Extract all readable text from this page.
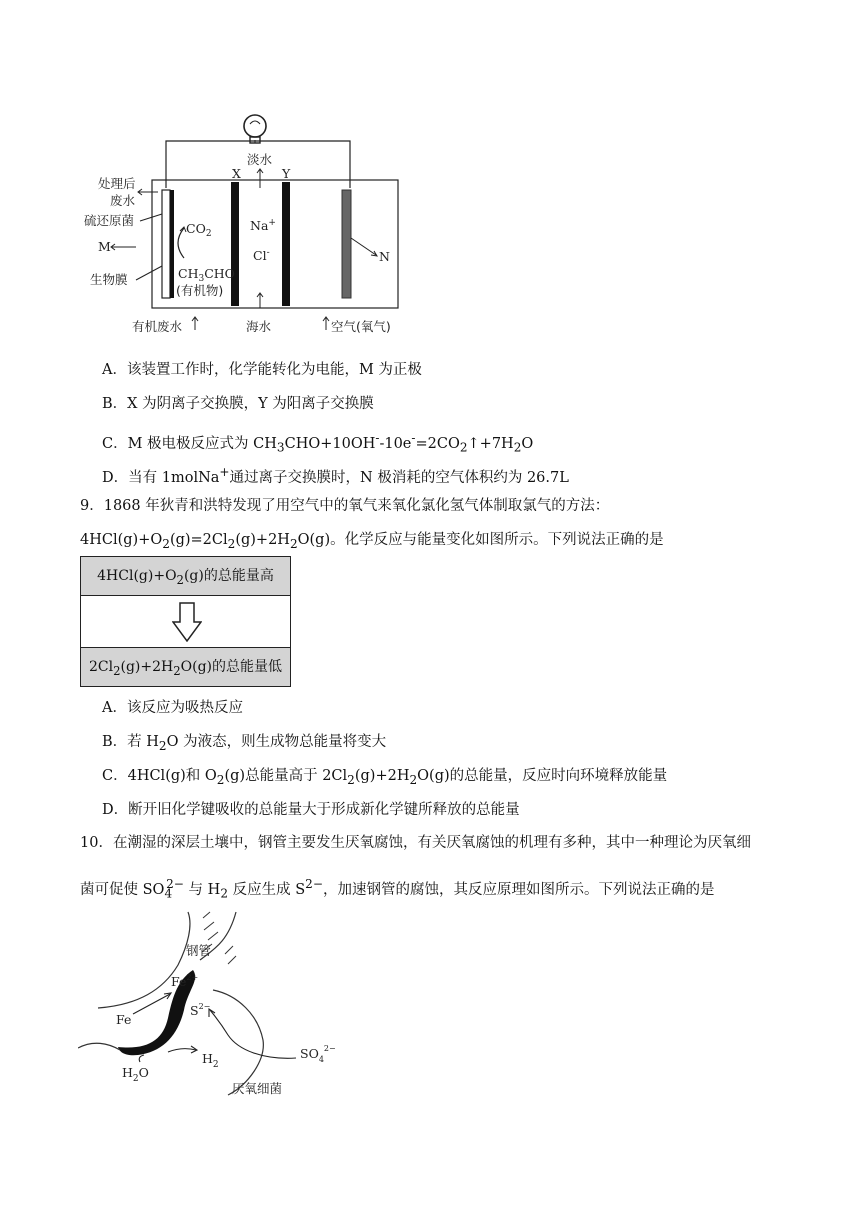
处理后
废水
硫还原菌
M
生物膜
$CO_2$
$CH_3CHO$
(有机物)
X	Y
淡水
Na+
Cl-	N
有机废水	海水	空气(氧气)
A．该装置工作时，化学能转化为电能，M 为正极
B．X 为阴离子交换膜，Y 为阳离子交换膜
C．M 极电极反应式为 $CH_3CHO+10OH^--10e^-=2CO_2↑+7H_2O$
D．当有 1molNa+通过离子交换膜时，N 极消耗的空气体积约为 26.7L
9．1868 年狄青和洪特发现了用空气中的氧气来氧化氯化氢气体制取氯气的方法：
$4HCl(g)+O_2(g)=2Cl_2(g)+2H_2O(g)$。化学反应与能量变化如图所示。下列说法正确的是
$4HCl(g)+O_2(g)$的总能量高
$2Cl_2(g)+2H_2O(g)$的总能量低
A．该反应为吸热反应
B．若 $H_2O$ 为液态，则生成物总能量将变大
C．4HCl(g)和 $O_2(g)$总能量高于 $2Cl_2(g)+2H_2O(g)$的总能量，反应时向环境释放能量
D．断开旧化学键吸收的总能量大于形成新化学键所释放的总能量
10．在潮湿的深层土壤中，钢管主要发生厌氧腐蚀，有关厌氧腐蚀的机理有多种，其中一种理论为厌氧细
菌可促使 $SO_4^{2-}$ 与 $H_2$ 反应生成 $S^{2-}$，加速钢管的腐蚀，其反应原理如图所示。下列说法正确的是
钢管
$Fe^{2+}$
Fe
$S^{2-}$
$H_2$
$H_2O$
$SO_4^{2-}$
厌氧细菌
